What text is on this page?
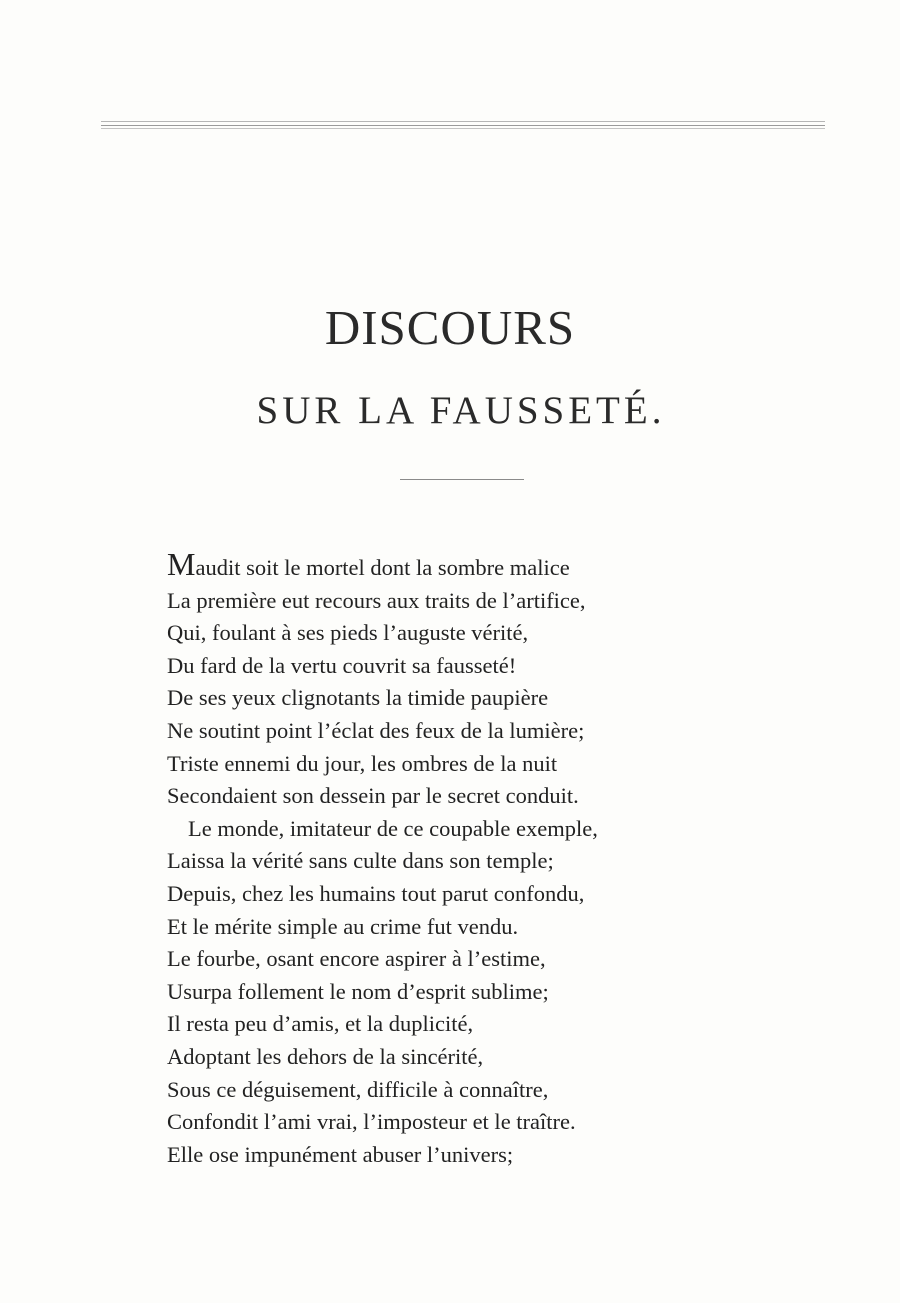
DISCOURS
SUR LA FAUSSETÉ.
Maudit soit le mortel dont la sombre malice
La première eut recours aux traits de l’artifice,
Qui, foulant à ses pieds l’auguste vérité,
Du fard de la vertu couvrit sa fausseté!
De ses yeux clignotants la timide paupière
Ne soutint point l’éclat des feux de la lumière;
Triste ennemi du jour, les ombres de la nuit
Secondaient son dessein par le secret conduit.
Le monde, imitateur de ce coupable exemple,
Laissa la vérité sans culte dans son temple;
Depuis, chez les humains tout parut confondu,
Et le mérite simple au crime fut vendu.
Le fourbe, osant encore aspirer à l’estime,
Usurpa follement le nom d’esprit sublime;
Il resta peu d’amis, et la duplicité,
Adoptant les dehors de la sincérité,
Sous ce déguisement, difficile à connaître,
Confondit l’ami vrai, l’imposteur et le traître.
Elle ose impunément abuser l’univers;
